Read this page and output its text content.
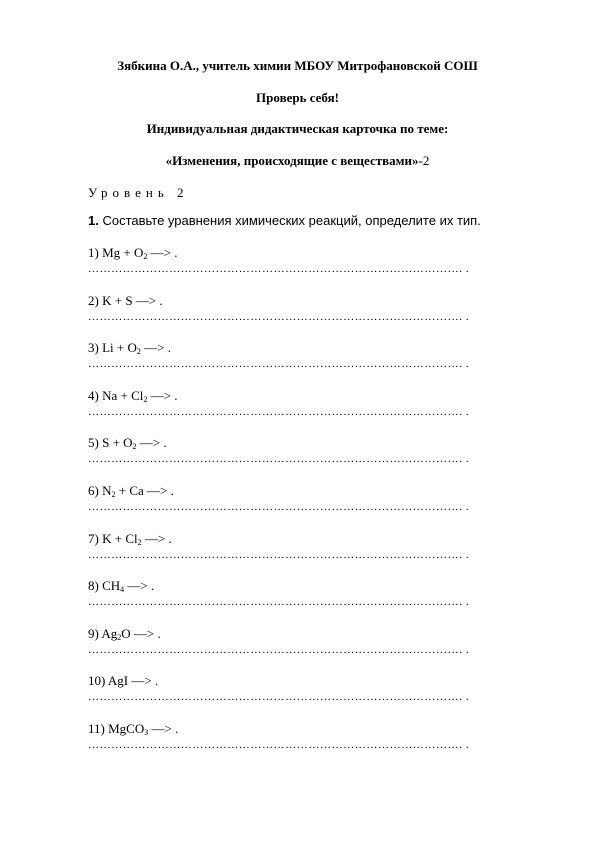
Зябкина О.А., учитель химии МБОУ Митрофановской СОШ
Проверь себя!
Индивидуальная дидактическая карточка по теме:
«Изменения, происходящие с веществами»-2
Уровень 2
1. Составьте уравнения химических реакций, определите их тип.
1) $Mg + O_2$ —> .
……………………………………………………………………………………. .
2) K + S —> .
……………………………………………………………………………………. .
3) $Li + O_2$ —> .
……………………………………………………………………………………. .
4) $Na + Cl_2$ —> .
……………………………………………………………………………………. .
5) $S + O_2$ —> .
……………………………………………………………………………………. .
6) $N_2 + Ca$ —> .
……………………………………………………………………………………. .
7) $K + Cl_2$ —> .
……………………………………………………………………………………. .
8) $CH_4$ —> .
……………………………………………………………………………………. .
9) $Ag_2O$ —> .
……………………………………………………………………………………. .
10) AgI —> .
……………………………………………………………………………………. .
11) MgCO$_3$ —> .
……………………………………………………………………………………. .
